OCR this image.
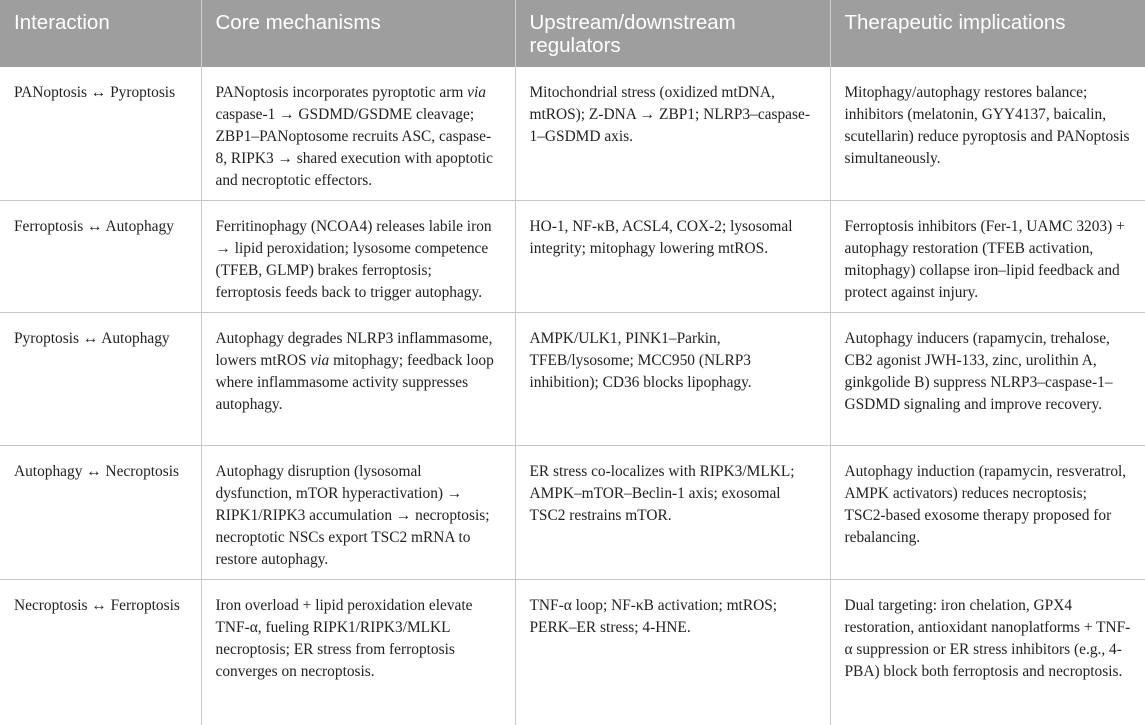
Interaction	Core mechanisms	Upstream/downstream regulators	Therapeutic implications
PANoptosis ↔ Pyroptosis	PANoptosis incorporates pyroptotic arm via caspase-1 → GSDMD/GSDME cleavage; ZBP1–PANoptosome recruits ASC, caspase-8, RIPK3 → shared execution with apoptotic and necroptotic effectors.	Mitochondrial stress (oxidized mtDNA, mtROS); Z-DNA → ZBP1; NLRP3–caspase-1–GSDMD axis.	Mitophagy/autophagy restores balance; inhibitors (melatonin, GYY4137, baicalin, scutellarin) reduce pyroptosis and PANoptosis simultaneously.
Ferroptosis ↔ Autophagy	Ferritinophagy (NCOA4) releases labile iron → lipid peroxidation; lysosome competence (TFEB, GLMP) brakes ferroptosis; ferroptosis feeds back to trigger autophagy.	HO-1, NF-κB, ACSL4, COX-2; lysosomal integrity; mitophagy lowering mtROS.	Ferroptosis inhibitors (Fer-1, UAMC 3203) + autophagy restoration (TFEB activation, mitophagy) collapse iron–lipid feedback and protect against injury.
Pyroptosis ↔ Autophagy	Autophagy degrades NLRP3 inflammasome, lowers mtROS via mitophagy; feedback loop where inflammasome activity suppresses autophagy.	AMPK/ULK1, PINK1–Parkin, TFEB/lysosome; MCC950 (NLRP3 inhibition); CD36 blocks lipophagy.	Autophagy inducers (rapamycin, trehalose, CB2 agonist JWH-133, zinc, urolithin A, ginkgolide B) suppress NLRP3–caspase-1–GSDMD signaling and improve recovery.
Autophagy ↔ Necroptosis	Autophagy disruption (lysosomal dysfunction, mTOR hyperactivation) → RIPK1/RIPK3 accumulation → necroptosis; necroptotic NSCs export TSC2 mRNA to restore autophagy.	ER stress co-localizes with RIPK3/MLKL; AMPK–mTOR–Beclin-1 axis; exosomal TSC2 restrains mTOR.	Autophagy induction (rapamycin, resveratrol, AMPK activators) reduces necroptosis; TSC2-based exosome therapy proposed for rebalancing.
Necroptosis ↔ Ferroptosis	Iron overload + lipid peroxidation elevate TNF-α, fueling RIPK1/RIPK3/MLKL necroptosis; ER stress from ferroptosis converges on necroptosis.	TNF-α loop; NF-κB activation; mtROS; PERK–ER stress; 4-HNE.	Dual targeting: iron chelation, GPX4 restoration, antioxidant nanoplatforms + TNF-α suppression or ER stress inhibitors (e.g., 4-PBA) block both ferroptosis and necroptosis.
